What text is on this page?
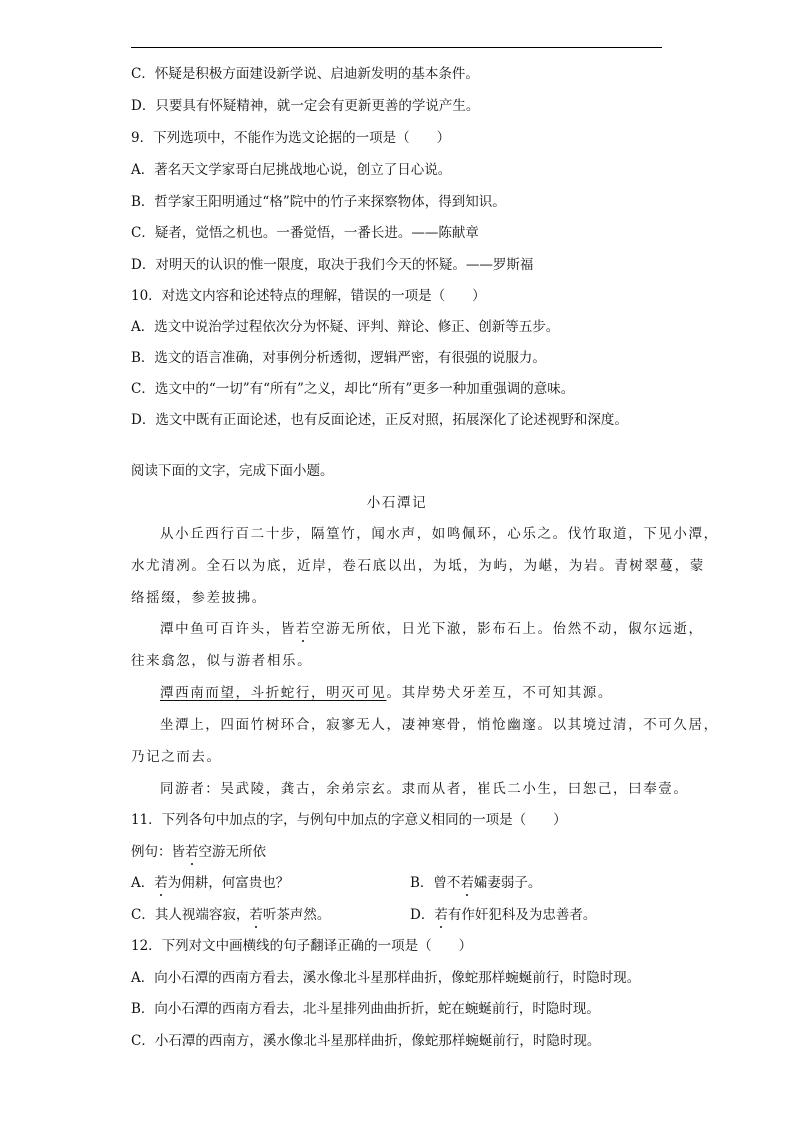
C．怀疑是积极方面建设新学说、启迪新发明的基本条件。
D．只要具有怀疑精神，就一定会有更新更善的学说产生。
9．下列选项中，不能作为选文论据的一项是（　　）
A．著名天文学家哥白尼挑战地心说，创立了日心说。
B．哲学家王阳明通过“格”院中的竹子来探察物体，得到知识。
C．疑者，觉悟之机也。一番觉悟，一番长进。——陈献章
D．对明天的认识的惟一限度，取决于我们今天的怀疑。——罗斯福
10．对选文内容和论述特点的理解，错误的一项是（　　）
A．选文中说治学过程依次分为怀疑、评判、辩论、修正、创新等五步。
B．选文的语言准确，对事例分析透彻，逻辑严密，有很强的说服力。
C．选文中的“一切”有“所有”之义，却比“所有”更多一种加重强调的意味。
D．选文中既有正面论述，也有反面论述，正反对照，拓展深化了论述视野和深度。
阅读下面的文字，完成下面小题。
小石潭记
从小丘西行百二十步，隔篁竹，闻水声，如鸣佩环，心乐之。伐竹取道，下见小潭，
水尤清冽。全石以为底，近岸，卷石底以出，为坻，为屿，为嵁，为岩。青树翠蔓，蒙
络摇缀，参差披拂。
潭中鱼可百许头，皆若空游无所依，日光下澈，影布石上。佁然不动，俶尔远逝，
往来翕忽，似与游者相乐。
潭西南而望，斗折蛇行，明灭可见。其岸势犬牙差互，不可知其源。
坐潭上，四面竹树环合，寂寥无人，凄神寒骨，悄怆幽邃。以其境过清，不可久居，
乃记之而去。
同游者：吴武陵，龚古，余弟宗玄。隶而从者，崔氏二小生，曰恕己，曰奉壹。
11．下列各句中加点的字，与例句中加点的字意义相同的一项是（　　）
例句：皆若空游无所依
A．若为佣耕，何富贵也？	B．曾不若孀妻弱子。
C．其人视端容寂，若听茶声然。	D．若有作奸犯科及为忠善者。
12．下列对文中画横线的句子翻译正确的一项是（　　）
A．向小石潭的西南方看去，溪水像北斗星那样曲折，像蛇那样蜿蜒前行，时隐时现。
B．向小石潭的西南方看去，北斗星排列曲曲折折，蛇在蜿蜒前行，时隐时现。
C．小石潭的西南方，溪水像北斗星那样曲折，像蛇那样蜿蜒前行，时隐时现。
